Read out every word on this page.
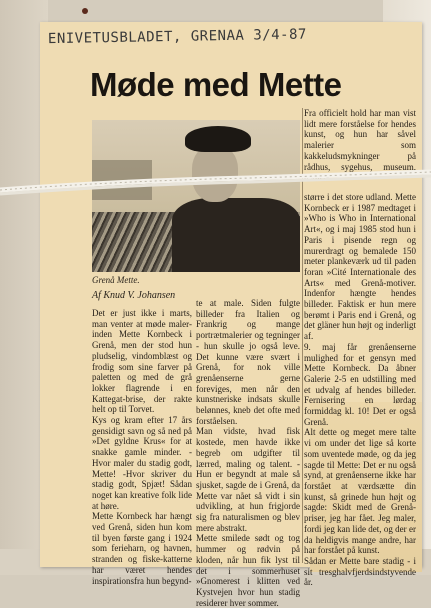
ENIVETUSBLADET, GRENAA 3/4-87
Møde med Mette
Grenå Mette.
Af Knud V. Johansen
Det er just ikke i marts, man venter at møde maler-inden Mette Kornbeck i Grenå, men der stod hun pludselig, vindomblæst og frodig som sine farver på paletten og med de grå lokker flagrende i en Kattegat-brise, der rakte helt op til Torvet.
Kys og kram efter 17 års gensidigt savn og så ned på »Det gyldne Krus« for at snakke gamle minder. -Hvor maler du stadig godt, Mette! -Hvor skriver du stadig godt, Spjæt! Sådan noget kan kreative folk lide at høre.
Mette Kornbeck har hængt ved Grenå, siden hun kom til byen første gang i 1924 som ferieharn, og havnen, stranden og fiske-katterne har været hendes inspirationsfra hun begynd-
te at male. Siden fulgte billeder fra Italien og Frankrig og mange portrætmalerier og tegninger - hun skulle jo også leve. Det kunne være svært i Grenå, for nok ville grenåenserne gerne foreviges, men når den kunstneriske indsats skulle belønnes, kneb det ofte med forståelsen.
Man vidste, hvad fisk kostede, men havde ikke begreb om udgifter til lærred, maling og talent. -Hun er begyndt at male så sjusket, sagde de i Grenå, da Mette var nået så vidt i sin udvikling, at hun frigjorde sig fra naturalismen og blev mere abstrakt.
Mette smilede sødt og tog hummer og rødvin på kloden, når hun fik lyst til det i sommerhuset »Gnomerest i klitten ved Kystvejen hvor hun stadig residerer hver sommer.
Fra officielt hold har man vist lidt mere forståelse for hendes kunst, og hun har såvel malerier som kakkeludsmykninger på rådhus, sygehus, museum, teknisk
større i det store udland. Mette Kornbeck er i 1987 medtaget i »Who is Who in International Art«, og i maj 1985 stod hun i Paris i pisende regn og murerdragt og bemalede 150 meter plankeværk ud til paden foran »Cité Internationale des Arts« med Grenå-motiver. Indenfor hængte hendes billeder. Faktisk er hun mere berømt i Paris end i Grenå, og det gläner hun højt og inderligt af.
9. maj får grenåenserne mulighed for et gensyn med Mette Kornbeck. Da åbner Galerie 2-5 en udstilling med et udvalg af hendes billeder. Fernisering en lørdag formiddag kl. 10! Det er også Grenå.
Alt dette og meget mere talte vi om under det lige så korte som uventede møde, og da jeg sagde til Mette: Det er nu også synd, at grenåenserne ikke har forstået at værdsætte din kunst, så grinede hun højt og sagde: Skidt med de Grenå-priser, jeg har fået. Jeg maler, fordi jeg kan lide det, og der er da heldigvis mange andre, har har forstået på kunst.
Sådan er Mette bare stadig - i sit tresghalvfjerdsindstyvende år.
